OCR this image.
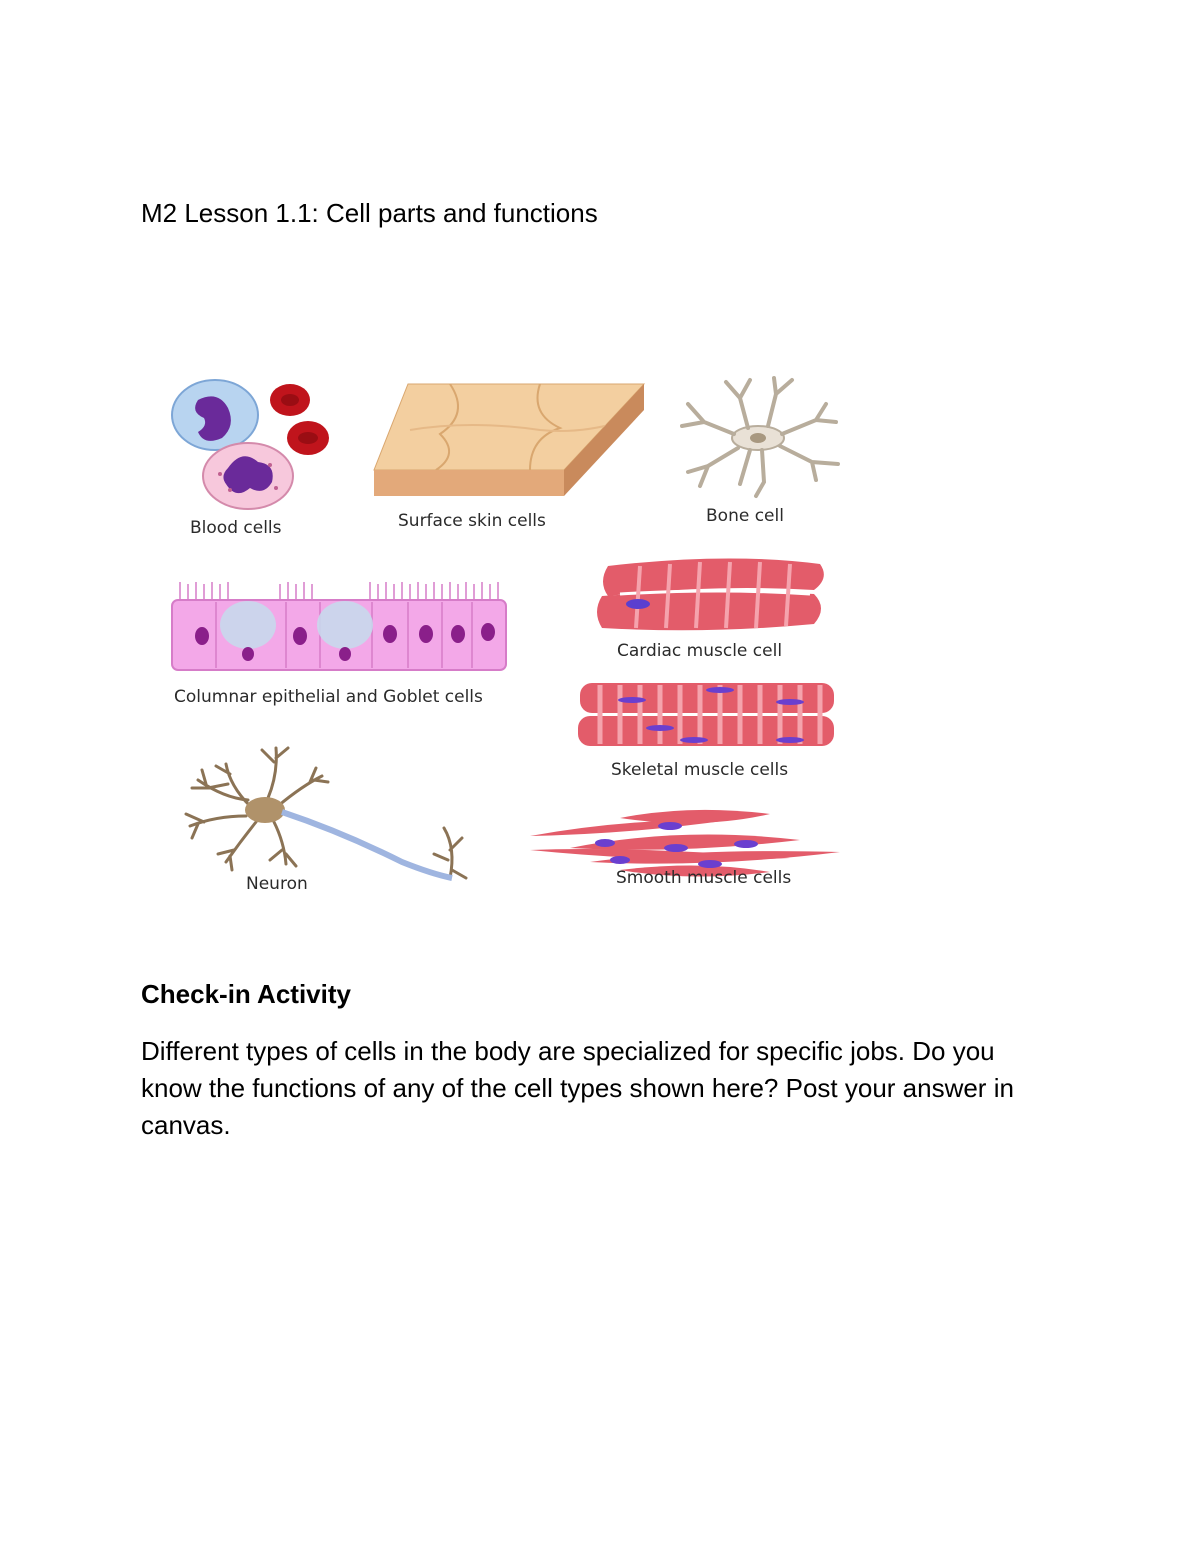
M2 Lesson 1.1: Cell parts and functions
Blood cells	Surface skin cells	Bone cell
Columnar epithelial and Goblet cells
Cardiac muscle cell
Skeletal muscle cells
Neuron	Smooth muscle cells
Check-in Activity

Different types of cells in the body are specialized for specific jobs. Do you know the functions of any of the cell types shown here? Post your answer in canvas.
